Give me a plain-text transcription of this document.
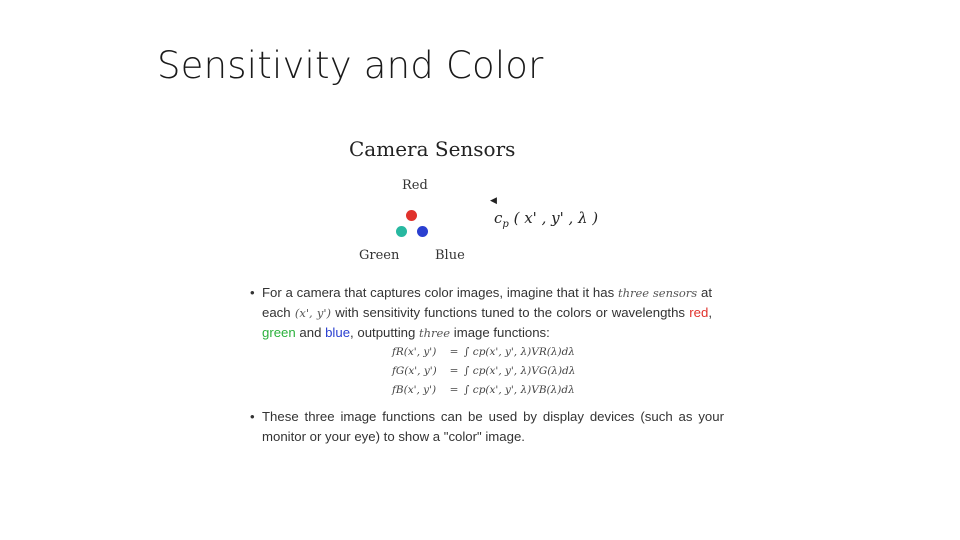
Sensitivity and Color
Camera Sensors
Red
Green	Blue
◀
$c_p$ ( x' , y' , λ )
• For a camera that captures color images, imagine that it has three sensors at each (x', y') with sensitivity functions tuned to the colors or wavelengths red, green and blue, outputting three image functions:
• These three image functions can be used by display devices (such as your monitor or your eye) to show a "color" image.
fR(x', y') = ∫ cp(x', y', λ)VR(λ)dλ
fG(x', y') = ∫ cp(x', y', λ)VG(λ)dλ
fB(x', y') = ∫ cp(x', y', λ)VB(λ)dλ
